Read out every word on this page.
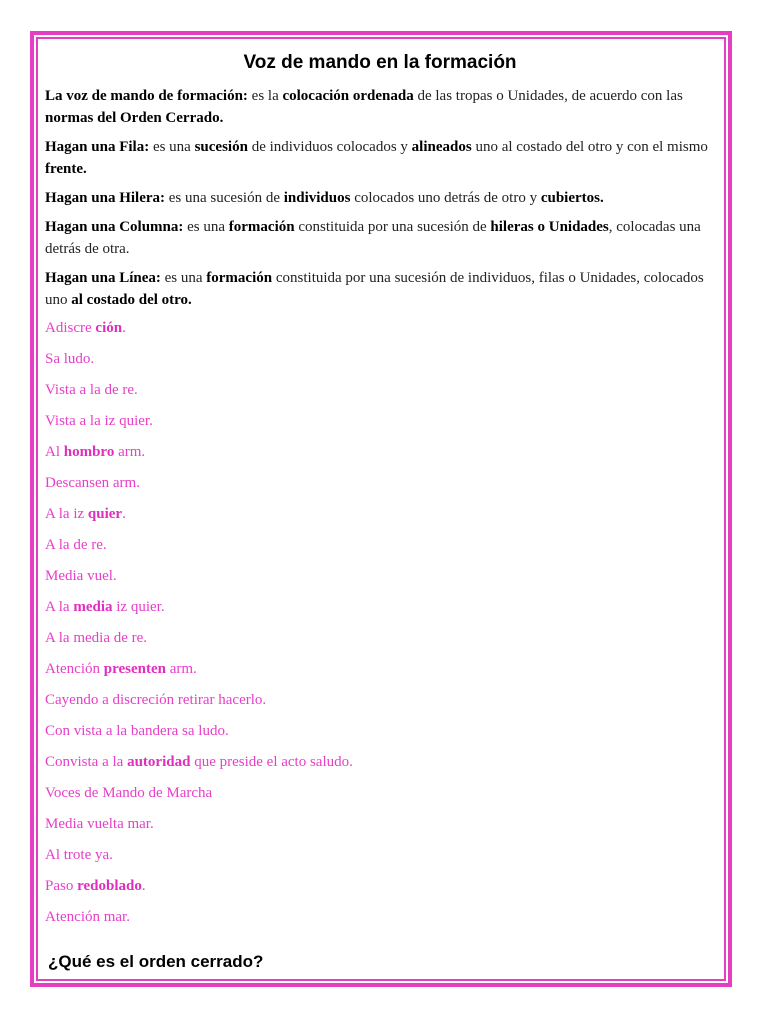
Voz de mando en la formación

La voz de mando de formación: es la colocación ordenada de las tropas o Unidades, de acuerdo con las normas del Orden Cerrado.

Hagan una Fila: es una sucesión de individuos colocados y alineados uno al costado del otro y con el mismo frente.

Hagan una Hilera: es una sucesión de individuos colocados uno detrás de otro y cubiertos.

Hagan una Columna: es una formación constituida por una sucesión de hileras o Unidades, colocadas una detrás de otra.

Hagan una Línea: es una formación constituida por una sucesión de individuos, filas o Unidades, colocados uno al costado del otro.

Adiscre ción.

Sa ludo.

Vista a la de re.

Vista a la iz quier.

Al hombro arm.

Descansen arm.

A la iz quier.

A la de re.

Media vuel.

A la media iz quier.

A la media de re.

Atención presenten arm.

Cayendo a discreción retirar hacerlo.

Con vista a la bandera sa ludo.

Convista a la autoridad que preside el acto saludo.

Voces de Mando de Marcha

Media vuelta mar.

Al trote ya.

Paso redoblado.

Atención mar.

¿Qué es el orden cerrado?
